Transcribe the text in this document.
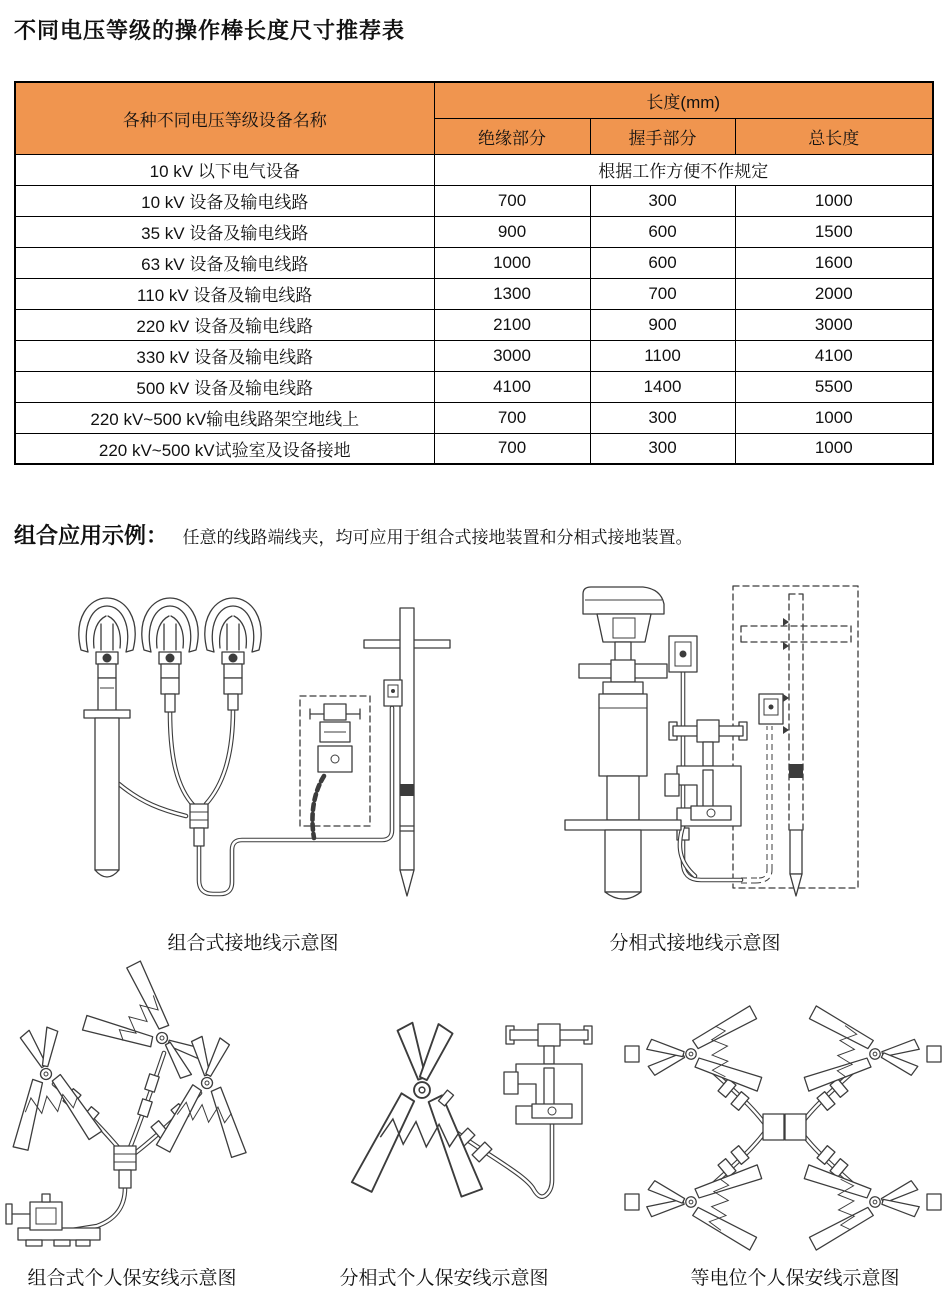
不同电压等级的操作棒长度尺寸推荐表
各种不同电压等级设备名称	长度(mm)		
	绝缘部分	握手部分	总长度
10 kV 以下电气设备	根据工作方便不作规定		
10 kV 设备及输电线路	700	300	1000
35 kV 设备及输电线路	900	600	1500
63 kV 设备及输电线路	1000	600	1600
110 kV 设备及输电线路	1300	700	2000
220 kV 设备及输电线路	2100	900	3000
330 kV 设备及输电线路	3000	1100	4100
500 kV 设备及输电线路	4100	1400	5500
220 kV~500 kV输电线路架空地线上	700	300	1000
220 kV~500 kV试验室及设备接地	700	300	1000
组合应用示例： 任意的线路端线夹，均可应用于组合式接地装置和分相式接地装置。
组合式接地线示意图	分相式接地线示意图
组合式个人保安线示意图	分相式个人保安线示意图	等电位个人保安线示意图
